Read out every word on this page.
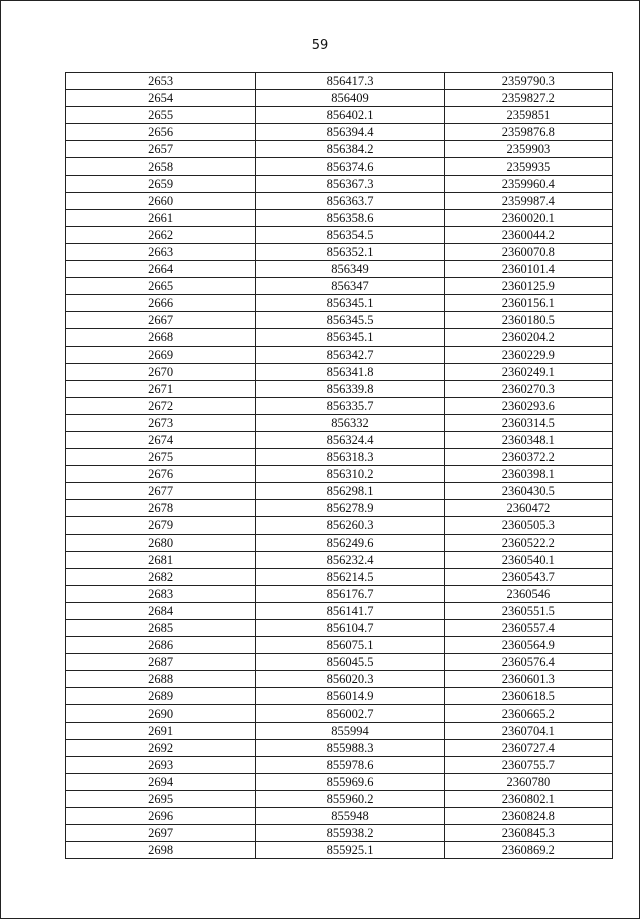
59
2653	856417.3	2359790.3
2654	856409	2359827.2
2655	856402.1	2359851
2656	856394.4	2359876.8
2657	856384.2	2359903
2658	856374.6	2359935
2659	856367.3	2359960.4
2660	856363.7	2359987.4
2661	856358.6	2360020.1
2662	856354.5	2360044.2
2663	856352.1	2360070.8
2664	856349	2360101.4
2665	856347	2360125.9
2666	856345.1	2360156.1
2667	856345.5	2360180.5
2668	856345.1	2360204.2
2669	856342.7	2360229.9
2670	856341.8	2360249.1
2671	856339.8	2360270.3
2672	856335.7	2360293.6
2673	856332	2360314.5
2674	856324.4	2360348.1
2675	856318.3	2360372.2
2676	856310.2	2360398.1
2677	856298.1	2360430.5
2678	856278.9	2360472
2679	856260.3	2360505.3
2680	856249.6	2360522.2
2681	856232.4	2360540.1
2682	856214.5	2360543.7
2683	856176.7	2360546
2684	856141.7	2360551.5
2685	856104.7	2360557.4
2686	856075.1	2360564.9
2687	856045.5	2360576.4
2688	856020.3	2360601.3
2689	856014.9	2360618.5
2690	856002.7	2360665.2
2691	855994	2360704.1
2692	855988.3	2360727.4
2693	855978.6	2360755.7
2694	855969.6	2360780
2695	855960.2	2360802.1
2696	855948	2360824.8
2697	855938.2	2360845.3
2698	855925.1	2360869.2
